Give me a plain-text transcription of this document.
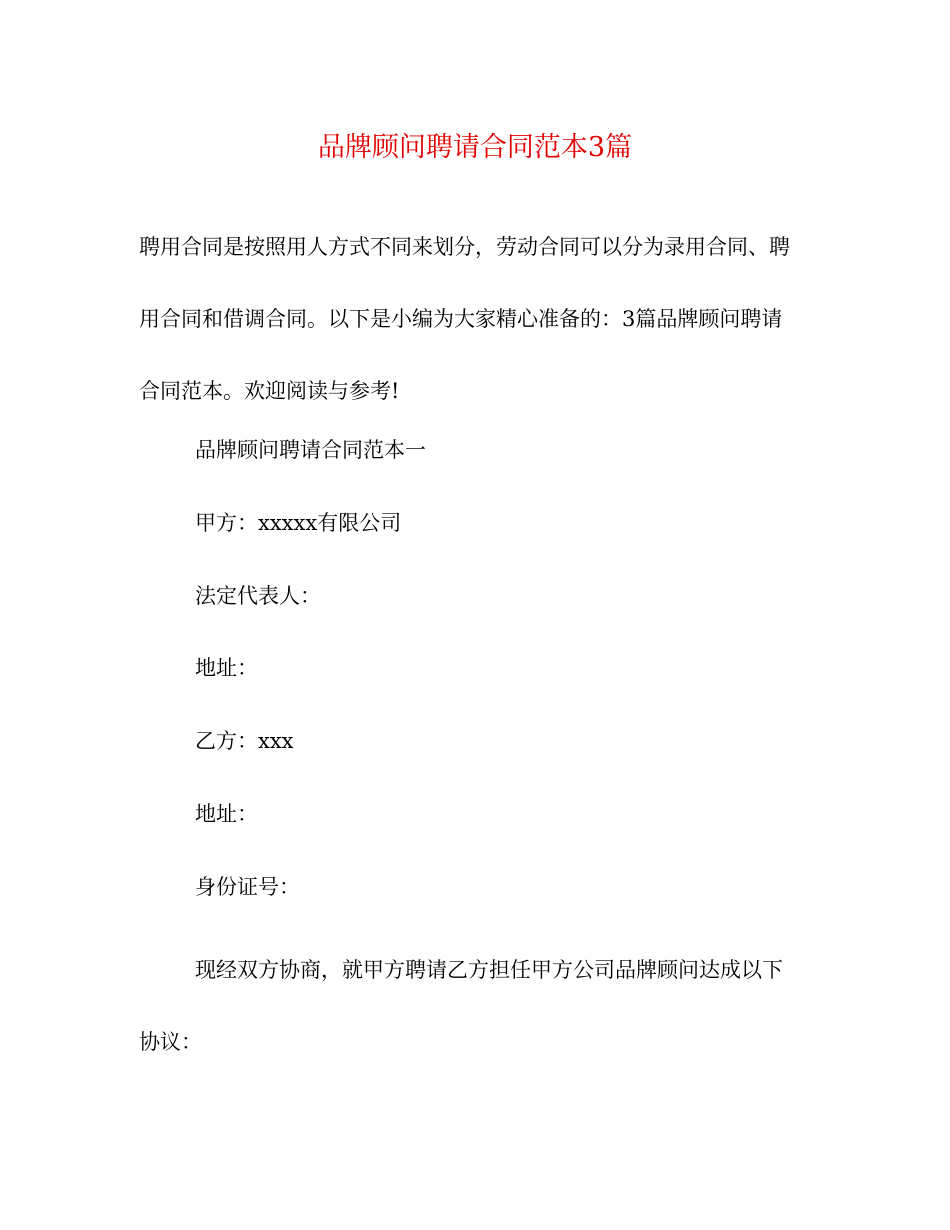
品牌顾问聘请合同范本3篇
聘用合同是按照用人方式不同来划分，劳动合同可以分为录用合同、聘
用合同和借调合同。以下是小编为大家精心准备的：3篇品牌顾问聘请
合同范本。欢迎阅读与参考!
品牌顾问聘请合同范本一
甲方：xxxxx有限公司
法定代表人：
地址：
乙方：xxx
地址：
身份证号：
现经双方协商，就甲方聘请乙方担任甲方公司品牌顾问达成以下
协议：
